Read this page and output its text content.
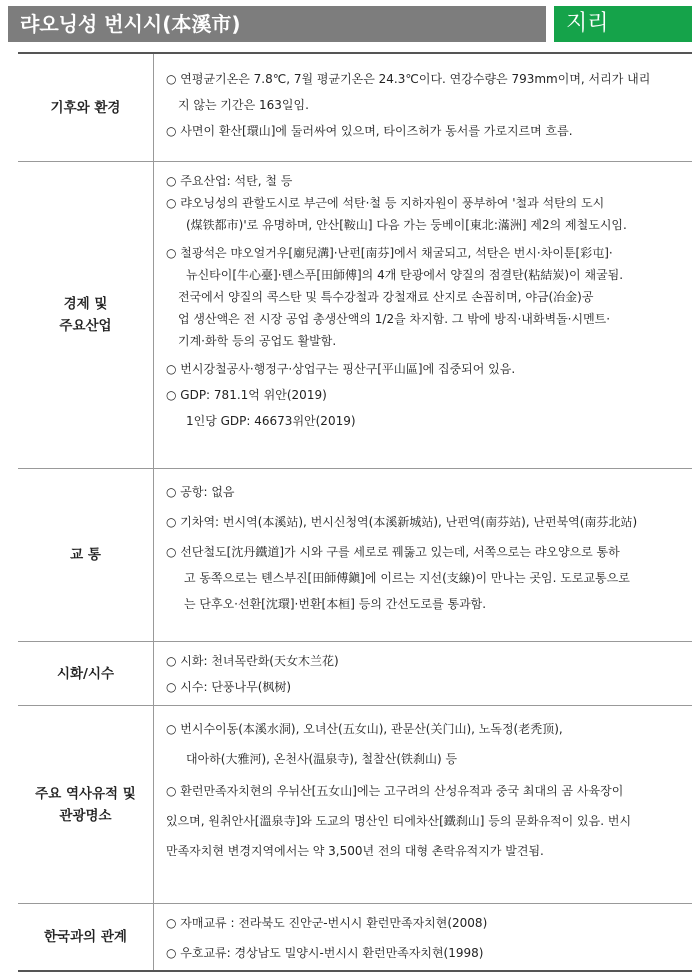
랴오닝성 번시시(本溪市)	지리
기후와 환경
○ 연평균기온은 7.8℃, 7월 평균기온은 24.3℃이다. 연강수량은 793mm이며, 서리가 내리
지 않는 기간은 163일임.
○ 사면이 환산[環山]에 둘러싸여 있으며, 타이즈허가 동서를 가로지르며 흐름.
경제 및
주요산업
○ 주요산업: 석탄, 철 등
○ 랴오닝성의 관할도시로 부근에 석탄·철 등 지하자원이 풍부하여 '철과 석탄의 도시
(煤铁都市)'로 유명하며, 안산[鞍山] 다음 가는 둥베이[東北:滿洲] 제2의 제철도시임.
○ 철광석은 먀오얼거우[廟兒溝]·난펀[南芬]에서 채굴되고, 석탄은 번시·차이툰[彩屯]·
뉴신타이[牛心臺]·톈스푸[田師傅]의 4개 탄광에서 양질의 점결탄(粘結炭)이 채굴됨.
전국에서 양질의 콕스탄 및 특수강철과 강철재료 산지로 손꼽히며, 야금(冶金)공
업 생산액은 전 시장 공업 총생산액의 1/2을 차지함. 그 밖에 방직·내화벽돌·시멘트·
기계·화학 등의 공업도 활발함.
○ 번시강철공사·행정구·상업구는 핑산구[平山區]에 집중되어 있음.
○ GDP: 781.1억 위안(2019)
1인당 GDP: 46673위안(2019)
교 통
○ 공항: 없음
○ 기차역: 번시역(本溪站), 번시신청역(本溪新城站), 난펀역(南芬站), 난펀북역(南芬北站)
○ 선단철도[沈丹鐵道]가 시와 구를 세로로 꿰뚫고 있는데, 서쪽으로는 랴오양으로 통하
고 동쪽으로는 톈스부진[田師傅鎭]에 이르는 지선(支線)이 만나는 곳임. 도로교통으로
는 단후오·선환[沈環]·번환[本桓] 등의 간선도로를 통과함.
시화/시수
○ 시화: 천녀목란화(天女木兰花)
○ 시수: 단풍나무(枫树)
주요 역사유적 및
관광명소
○ 번시수이동(本溪水洞), 오녀산(五女山), 관문산(关门山), 노독정(老秃顶),
대아하(大雅河), 온천사(温泉寺), 철찰산(铁刹山) 등
○ 환런만족자치현의 우뉘산[五女山]에는 고구려의 산성유적과 중국 최대의 곰 사육장이
있으며, 원취안사[溫泉寺]와 도교의 명산인 티에차산[鐵刹山] 등의 문화유적이 있음. 번시
만족자치현 변경지역에서는 약 3,500년 전의 대형 촌락유적지가 발견됨.
한국과의 관계
○ 자매교류 : 전라북도 진안군-번시시 환런만족자치현(2008)
○ 우호교류: 경상남도 밀양시-번시시 환런만족자치현(1998)
